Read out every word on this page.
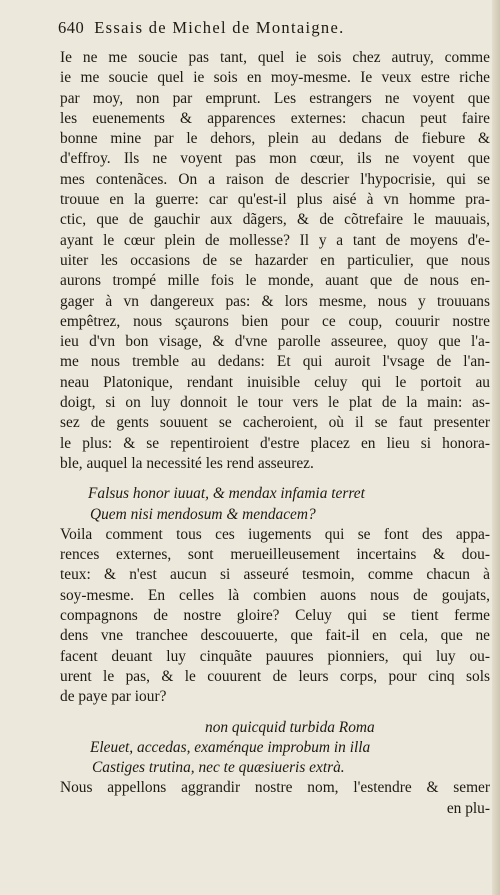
640 Essais de Michel de Montaigne.
Ie ne me soucie pas tant, quel ie sois chez autruy, comme
ie me soucie quel ie sois en moy-mesme. Ie veux estre riche
par moy, non par emprunt. Les estrangers ne voyent que
les euenements & apparences externes: chacun peut faire
bonne mine par le dehors, plein au dedans de fiebure &
d'effroy. Ils ne voyent pas mon cœur, ils ne voyent que
mes contenãces. On a raison de descrier l'hypocrisie, qui se
trouue en la guerre: car qu'est-il plus aisé à vn homme pra-
ctic, que de gauchir aux dãgers, & de cõtrefaire le mauuais,
ayant le cœur plein de mollesse? Il y a tant de moyens d'e-
uiter les occasions de se hazarder en particulier, que nous
aurons trompé mille fois le monde, auant que de nous en-
gager à vn dangereux pas: & lors mesme, nous y trouuans
empêtrez, nous sçaurons bien pour ce coup, couurir nostre
ieu d'vn bon visage, & d'vne parolle asseuree, quoy que l'a-
me nous tremble au dedans: Et qui auroit l'vsage de l'an-
neau Platonique, rendant inuisible celuy qui le portoit au
doigt, si on luy donnoit le tour vers le plat de la main: as-
sez de gents souuent se cacheroient, où il se faut presenter
le plus: & se repentiroient d'estre placez en lieu si honora-
ble, auquel la necessité les rend asseurez.
Falsus honor iuuat, & mendax infamia terret
Quem nisi mendosum & mendacem?
Voila comment tous ces iugements qui se font des appa-
rences externes, sont merueilleusement incertains & dou-
teux: & n'est aucun si asseuré tesmoin, comme chacun à
soy-mesme. En celles là combien auons nous de goujats,
compagnons de nostre gloire? Celuy qui se tient ferme
dens vne tranchee descouuerte, que fait-il en cela, que ne
facent deuant luy cinquãte pauures pionniers, qui luy ou-
urent le pas, & le couurent de leurs corps, pour cinq sols
de paye par iour?
non quicquid turbida Roma
Eleuet, accedas, examénque improbum in illa
Castiges trutina, nec te quæsiueris extrà.
Nous appellons aggrandir nostre nom, l'estendre & semer
en plu-
